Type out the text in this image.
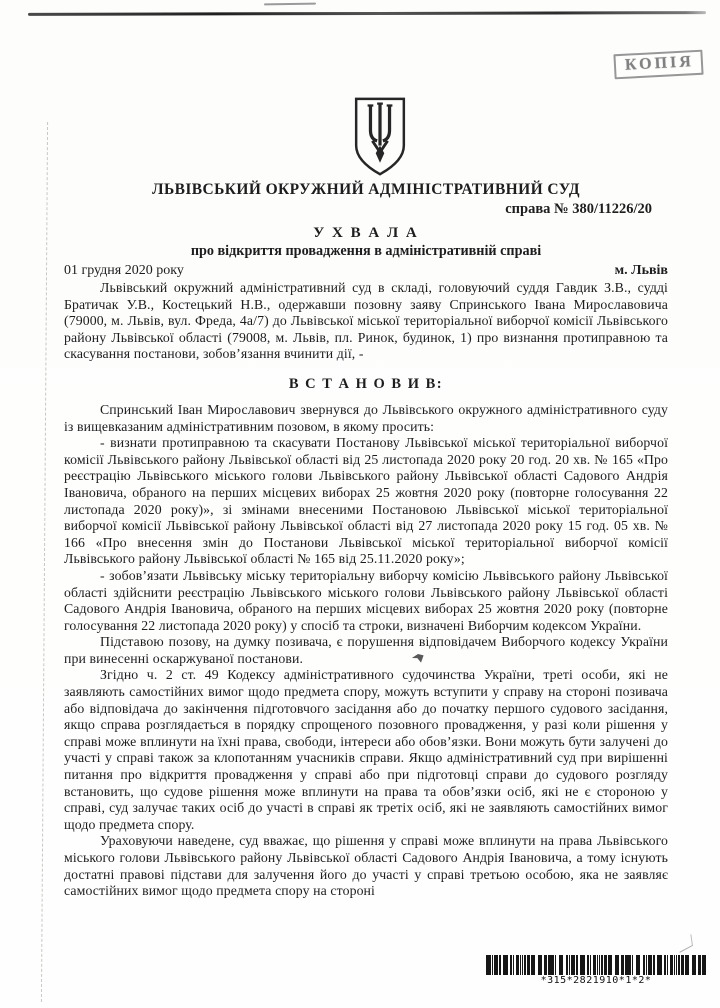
КОПІЯ
ЛЬВІВСЬКИЙ ОКРУЖНИЙ АДМІНІСТРАТИВНИЙ СУД
справа № 380/11226/20
У Х В А Л А
про відкриття провадження в адміністративній справі
01 грудня 2020 року	м. Львів

Львівський окружний адміністративний суд в складі, головуючий суддя Гавдик З.В., судді Братичак У.В., Костецький Н.В., одержавши позовну заяву Спринського Івана Мирославовича (79000, м. Львів, вул. Фреда, 4а/7) до Львівської міської територіальної виборчої комісії Львівського району Львівської області (79008, м. Львів, пл. Ринок, будинок, 1) про визнання протиправною та скасування постанови, зобов’язання вчинити дії, -

В С Т А Н О В И В:

Спринський Іван Мирославович звернувся до Львівського окружного адміністративного суду із вищевказаним адміністративним позовом, в якому просить:

- визнати протиправною та скасувати Постанову Львівської міської територіальної виборчої комісії Львівського району Львівської області від 25 листопада 2020 року 20 год. 20 хв. № 165 «Про реєстрацію Львівського міського голови Львівського району Львівської області Садового Андрія Івановича, обраного на перших місцевих виборах 25 жовтня 2020 року (повторне голосування 22 листопада 2020 року)», зі змінами внесеними Постановою Львівської міської територіальної виборчої комісії Львівської району Львівської області від 27 листопада 2020 року 15 год. 05 хв. № 166 «Про внесення змін до Постанови Львівської міської територіальної виборчої комісії Львівського району Львівської області № 165 від 25.11.2020 року»;

- зобов’язати Львівську міську територіальну виборчу комісію Львівського району Львівської області здійснити реєстрацію Львівського міського голови Львівського району Львівської області Садового Андрія Івановича, обраного на перших місцевих виборах 25 жовтня 2020 року (повторне голосування 22 листопада 2020 року) у спосіб та строки, визначені Виборчим кодексом України.

Підставою позову, на думку позивача, є порушення відповідачем Виборчого кодексу України при винесенні оскаржуваної постанови.

Згідно ч. 2 ст. 49 Кодексу адміністративного судочинства України, треті особи, які не заявляють самостійних вимог щодо предмета спору, можуть вступити у справу на стороні позивача або відповідача до закінчення підготовчого засідання або до початку першого судового засідання, якщо справа розглядається в порядку спрощеного позовного провадження, у разі коли рішення у справі може вплинути на їхні права, свободи, інтереси або обов’язки. Вони можуть бути залучені до участі у справі також за клопотанням учасників справи. Якщо адміністративний суд при вирішенні питання про відкриття провадження у справі або при підготовці справи до судового розгляду встановить, що судове рішення може вплинути на права та обов’язки осіб, які не є стороною у справі, суд залучає таких осіб до участі в справі як третіх осіб, які не заявляють самостійних вимог щодо предмета спору.

Ураховуючи наведене, суд вважає, що рішення у справі може вплинути на права Львівського міського голови Львівського району Львівської області Садового Андрія Івановича, а тому існують достатні правові підстави для залучення його до участі у справі третьою особою, яка не заявляє самостійних вимог щодо предмета спору на стороні

*315*2821910*1*2*
